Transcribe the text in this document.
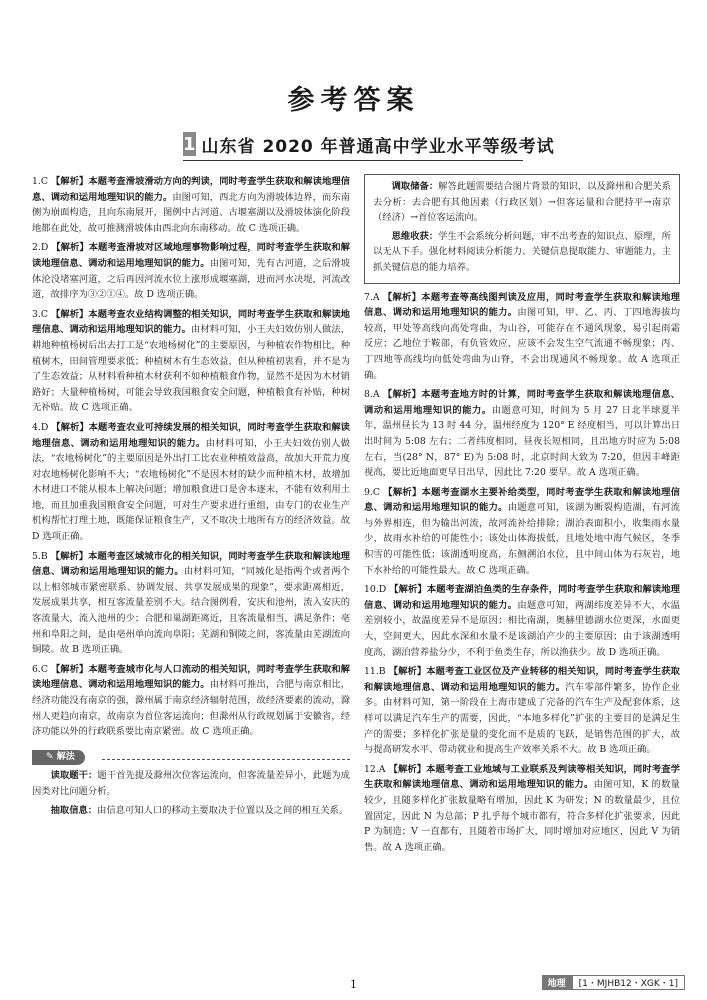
参考答案
1 山东省 2020 年普通高中学业水平等级考试
1.C 【解析】本题考查滑坡滑动方向的判读，同时考查学生获取和解读地理信息、调动和运用地理知识的能力。由图可知，西北方向为滑坡体边界，而东南侧为崩面构造，且向东南展开，图例中古河道、古堰塞湖以及滑坡体演化阶段地都在此处，故可推测滑坡体由西北向东南移动。故 C 选项正确。
2.D 【解析】本题考查滑坡对区域地理事物影响过程，同时考查学生获取和解读地理信息、调动和运用地理知识的能力。由图可知，先有古河道，之后滑坡体沦没堵塞河道，之后再因河流水位上涨形成堰塞湖，进而河水决堤，河流改道，故排序为③②①④。故 D 选项正确。
3.C 【解析】本题考查农业结构调整的相关知识，同时考查学生获取和解读地理信息、调动和运用地理知识的能力。由材料可知，小王夫妇效仿别人做法，耕地种植杨树后出去打工是“农地杨树化”的主要原因，与种植农作物相比，种植树木，田间管理要求低；种植树木有生态效益，但从种植初衷看，并不是为了生态效益；从材料看种植木材获利不如种植粮食作物，显然不是因为木材销路好；大量种植杨树，可能会导致我国粮食安全问题，种植粮食有补贴，种树无补贴。故 C 选项正确。
4.D 【解析】本题考查农业可持续发展的相关知识，同时考查学生获取和解读地理信息、调动和运用地理知识的能力。由材料可知，小王夫妇效仿别人做法，“农地杨树化”的主要原因是外出打工比农业种植效益高，故加大开荒力度对农地杨树化影响不大；“农地杨树化”不是因木材的缺少而种植木材，故增加木材进口不能从根本上解决问题；增加粮食进口是舍本逐末，不能有效利用土地，而且加重我国粮食安全问题，可对生产要求进行重组，由专门的农业生产机构帮忙打理土地，既能保证粮食生产，又不取决土地所有方的经济效益。故 D 选项正确。
5.B 【解析】本题考查区域城市化的相关知识，同时考查学生获取和解读地理信息、调动和运用地理知识的能力。由材料可知，“同城化是指两个或者两个以上相邻城市紧密联系、协调发展、共享发展成果的现象”，要求距离相近，发展成果共享，相互客流量差别不大。结合图例看，安庆和池州，流入安庆的客流量大，流入池州的少；合肥和巢湖距离近，且客流量相当，满足条件；亳州和阜阳之间，是由亳州单向流向阜阳；芜湖和铜陵之间，客流量由芜湖流向铜陵。故 B 选项正确。
6.C 【解析】本题考查城市化与人口流动的相关知识，同时考查学生获取和解读地理信息、调动和运用地理知识的能力。由材料可推出，合肥与南京相比，经济功能没有南京的强，滁州属于南京经济辐射范围，故经济要素的流动，滁州人更趋向南京，故南京为首位客运流向；但滁州从行政规划属于安徽省，经济功能以外的行政联系要比南京紧密。故 C 选项正确。
✎ 解法

读取题干：题干首先提及滁州次位客运流向，但客流量差异小，此题为成因类对比问题分析。

抽取信息：由信息可知人口的移动主要取决于位置以及之间的相互关系。

调取储备：解答此题需要结合图片背景的知识，以及滁州和合肥关系去分析：去合肥有其他因素（行政区划）→但客运量和合肥持平→南京（经济）→首位客运流向。

思维收获：学生不会系统分析问题，审不出考查的知识点、原理，所以无从下手。强化材料阅读分析能力、关键信息提取能力、审题能力，主抓关键信息的能力培养。

7.A 【解析】本题考查等高线图判读及应用，同时考查学生获取和解读地理信息、调动和运用地理知识的能力。由图可知，甲、乙、丙、丁四地海拔均较高，甲处等高线向高处弯曲，为山谷，可能存在不通风现象，易引起雨霜反应；乙地位于鞍部，有负管效应，应该不会发生空气流通不畅现象；丙、丁四地等高线均向低处弯曲为山脊，不会出现通风不畅现象。故 A 选项正确。
8.A 【解析】本题考查地方时的计算，同时考查学生获取和解读地理信息、调动和运用地理知识的能力。由题意可知，时间为 5 月 27 日北半球夏半年，温州昼长为 13 时 44 分，温州经度为 120° E 经度相当，可以计算出日出时间为 5:08 左右；二者纬度相同，昼夜长短相同，且出地方时应为 5:08 左右，当(28° N，87° E)为 5:08 时，北京时间大致为 7:20，但因丰峰距视高，要比近地面更早日出早，因此比 7:20 要早。故 A 选项正确。
9.C 【解析】本题考查湖水主要补给类型，同时考查学生获取和解读地理信息、调动和运用地理知识的能力。由题意可知，该湖为断裂构造湖，有河流与外界相连，但为输出河流，故河流补给排除；湖泊表面积小，收集雨水量少，故雨水补给的可能性小；该处山体海拔低，且地处地中海气候区，冬季积雪的可能性低；该湖透明度高，东侧溯泊水位，且中间山体为石灰岩，地下水补给的可能性最大。故 C 选项正确。
10.D 【解析】本题考查湖泊鱼类的生存条件，同时考查学生获取和解读地理信息、调动和运用地理知识的能力。由题意可知，两湖纬度差异不大，水温差别较小，故温度差异不是原因；相比南湖，奥赫里德湖水位更深，水面更大，空间更大，因此水深和水量不是该湖泊产少的主要原因；由于该湖透明度高，湖泊营养盐分少，不利于鱼类生存，所以渔获少。故 D 选项正确。
11.B 【解析】本题考查工业区位及产业转移的相关知识，同时考查学生获取和解读地理信息、调动和运用地理知识的能力。汽车零部件繁多，协作企业多。由材料可知，第一阶段在上海市建成了完备的汽车生产及配套体系，这样可以满足汽车生产的需要，因此，“本地多样化”扩张的主要目的是满足生产的需要；多样化扩张是量的变化而不是质的飞跃，是销售范围的扩大，故与提高研发水平、带动就业和提高生产效率关系不大。故 B 选项正确。
12.A 【解析】本题考查工业地域与工业联系及判读等相关知识，同时考查学生获取和解读地理信息、调动和运用地理知识的能力。由图可知，K 的数量较少，且随多样化扩张数量略有增加，因此 K 为研发；N 的数量最少，且位置固定，因此 N 为总部；P 扎乎每个城市都有，符合多样化扩张要求，因此 P 为制造；V 一直都有，且随着市场扩大，同时增加对应地区，因此 V 为销售。故 A 选项正确。
1	地理	[1・MJHB12・XGK・1]
